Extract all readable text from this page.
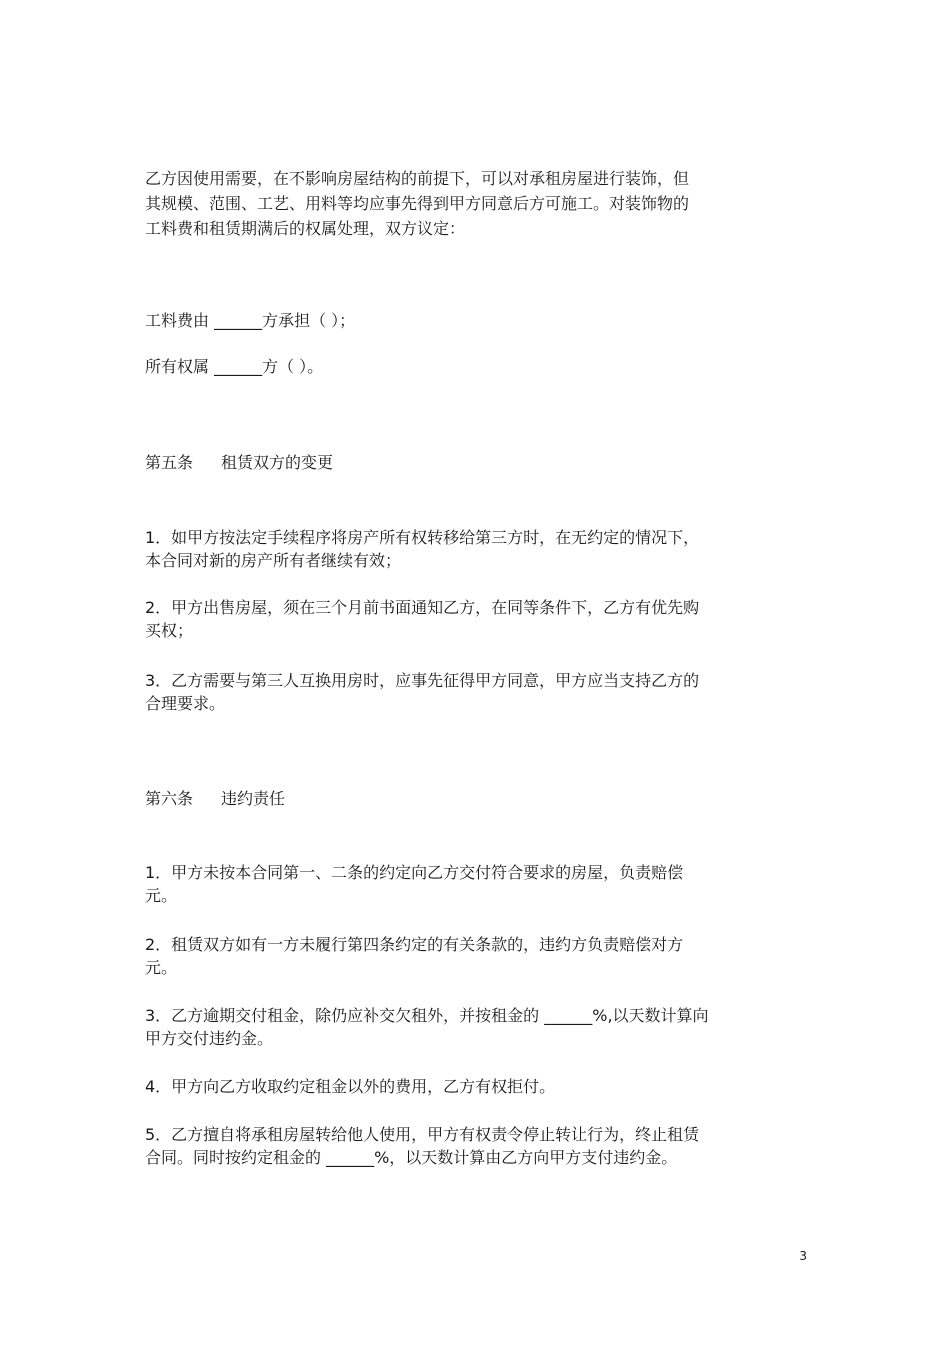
乙方因使用需要，在不影响房屋结构的前提下，可以对承租房屋进行装饰，但

其规模、范围、工艺、用料等均应事先得到甲方同意后方可施工。对装饰物的

工料费和租赁期满后的权属处理，双方议定：

工料费由 ______方承担（ ）；

所有权属 ______方（ ）。

第五条 租赁双方的变更

1．如甲方按法定手续程序将房产所有权转移给第三方时，在无约定的情况下，

本合同对新的房产所有者继续有效；

2．甲方出售房屋，须在三个月前书面通知乙方，在同等条件下，乙方有优先购

买权；

3．乙方需要与第三人互换用房时，应事先征得甲方同意，甲方应当支持乙方的

合理要求。

第六条 违约责任

1．甲方未按本合同第一、二条的约定向乙方交付符合要求的房屋，负责赔偿

元。

2．租赁双方如有一方未履行第四条约定的有关条款的，违约方负责赔偿对方

元。

3．乙方逾期交付租金，除仍应补交欠租外，并按租金的 ______%,以天数计算向

甲方交付违约金。

4．甲方向乙方收取约定租金以外的费用，乙方有权拒付。

5．乙方擅自将承租房屋转给他人使用，甲方有权责令停止转让行为，终止租赁

合同。同时按约定租金的 ______%，以天数计算由乙方向甲方支付违约金。

3
